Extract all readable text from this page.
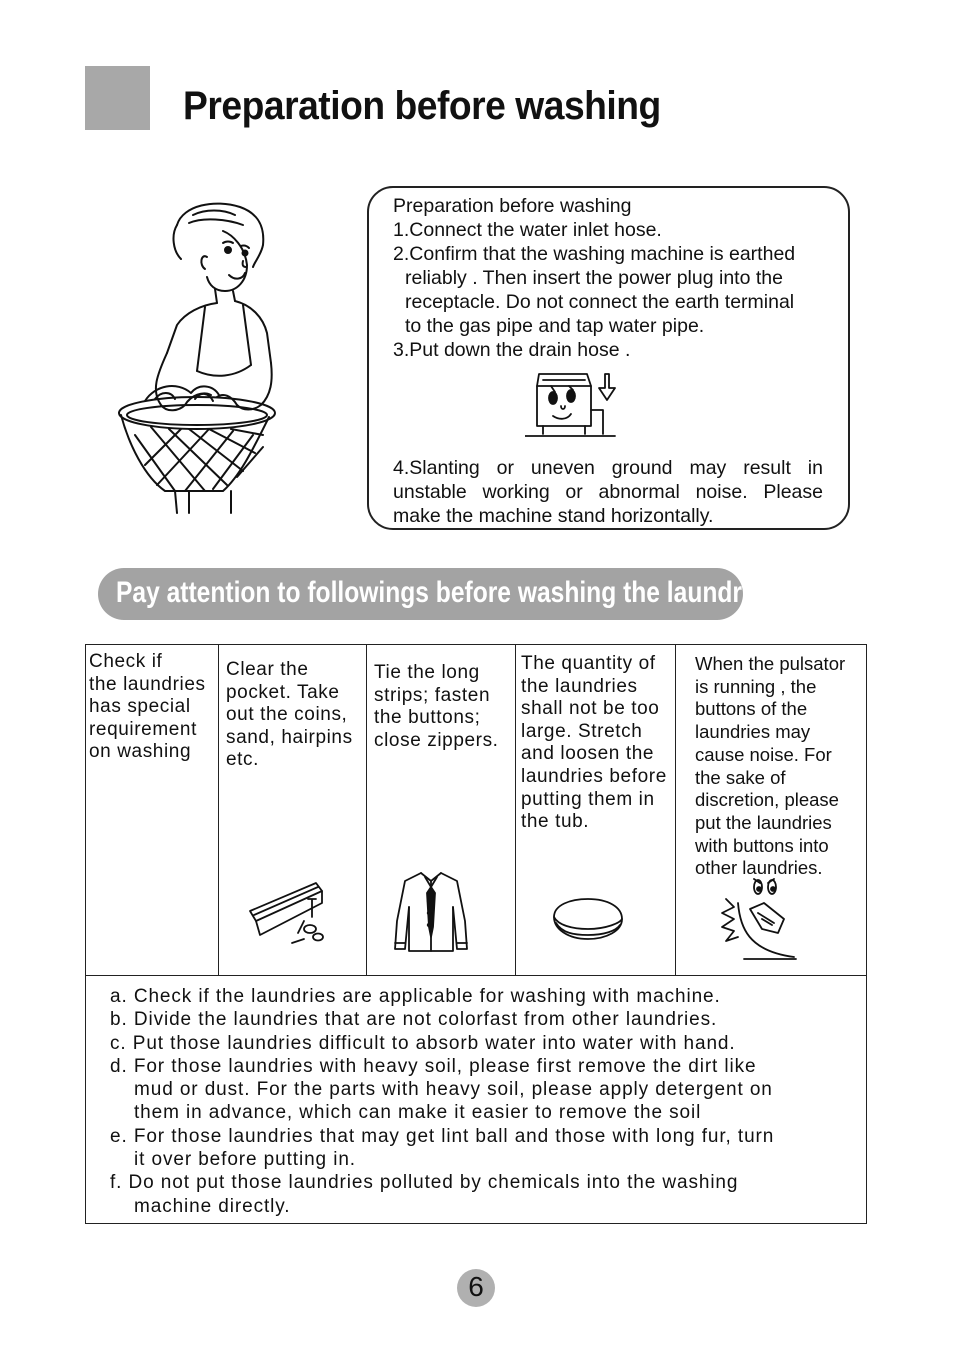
Preparation before washing
Preparation before washing
1.Connect the water inlet hose.
2.Confirm that the washing machine is earthed
reliably . Then insert the power plug into the
receptacle. Do not connect the earth terminal
to the gas pipe and tap water pipe.
3.Put down the drain hose .
4.Slanting or uneven ground may result in unstable working or abnormal noise. Please make the machine stand horizontally.
Pay attention to followings before washing the laundries
Check if
the laundries
has special
requirement
on washing
Clear the
pocket. Take
out the coins,
sand, hairpins
etc.
Tie the long
strips; fasten
the buttons;
close zippers.
The quantity of
the laundries
shall not be too
large. Stretch
and loosen the
laundries before
putting them in
the tub.
When the pulsator
is running , the
buttons of the
laundries may
cause noise. For
the sake of
discretion, please
put the laundries
with buttons into
other laundries.
a. Check if the laundries are applicable for washing with machine.
b. Divide the laundries that are not colorfast from other laundries.
c. Put those laundries difficult to absorb water into water with hand.
d. For those laundries with heavy soil, please first remove the dirt like
mud or dust. For the parts with heavy soil, please apply detergent on
them in advance, which can make it easier to remove the soil
e. For those laundries that may get lint ball and those with long fur, turn
it over before putting in.
f. Do not put those laundries polluted by chemicals into the washing
machine directly.
6
